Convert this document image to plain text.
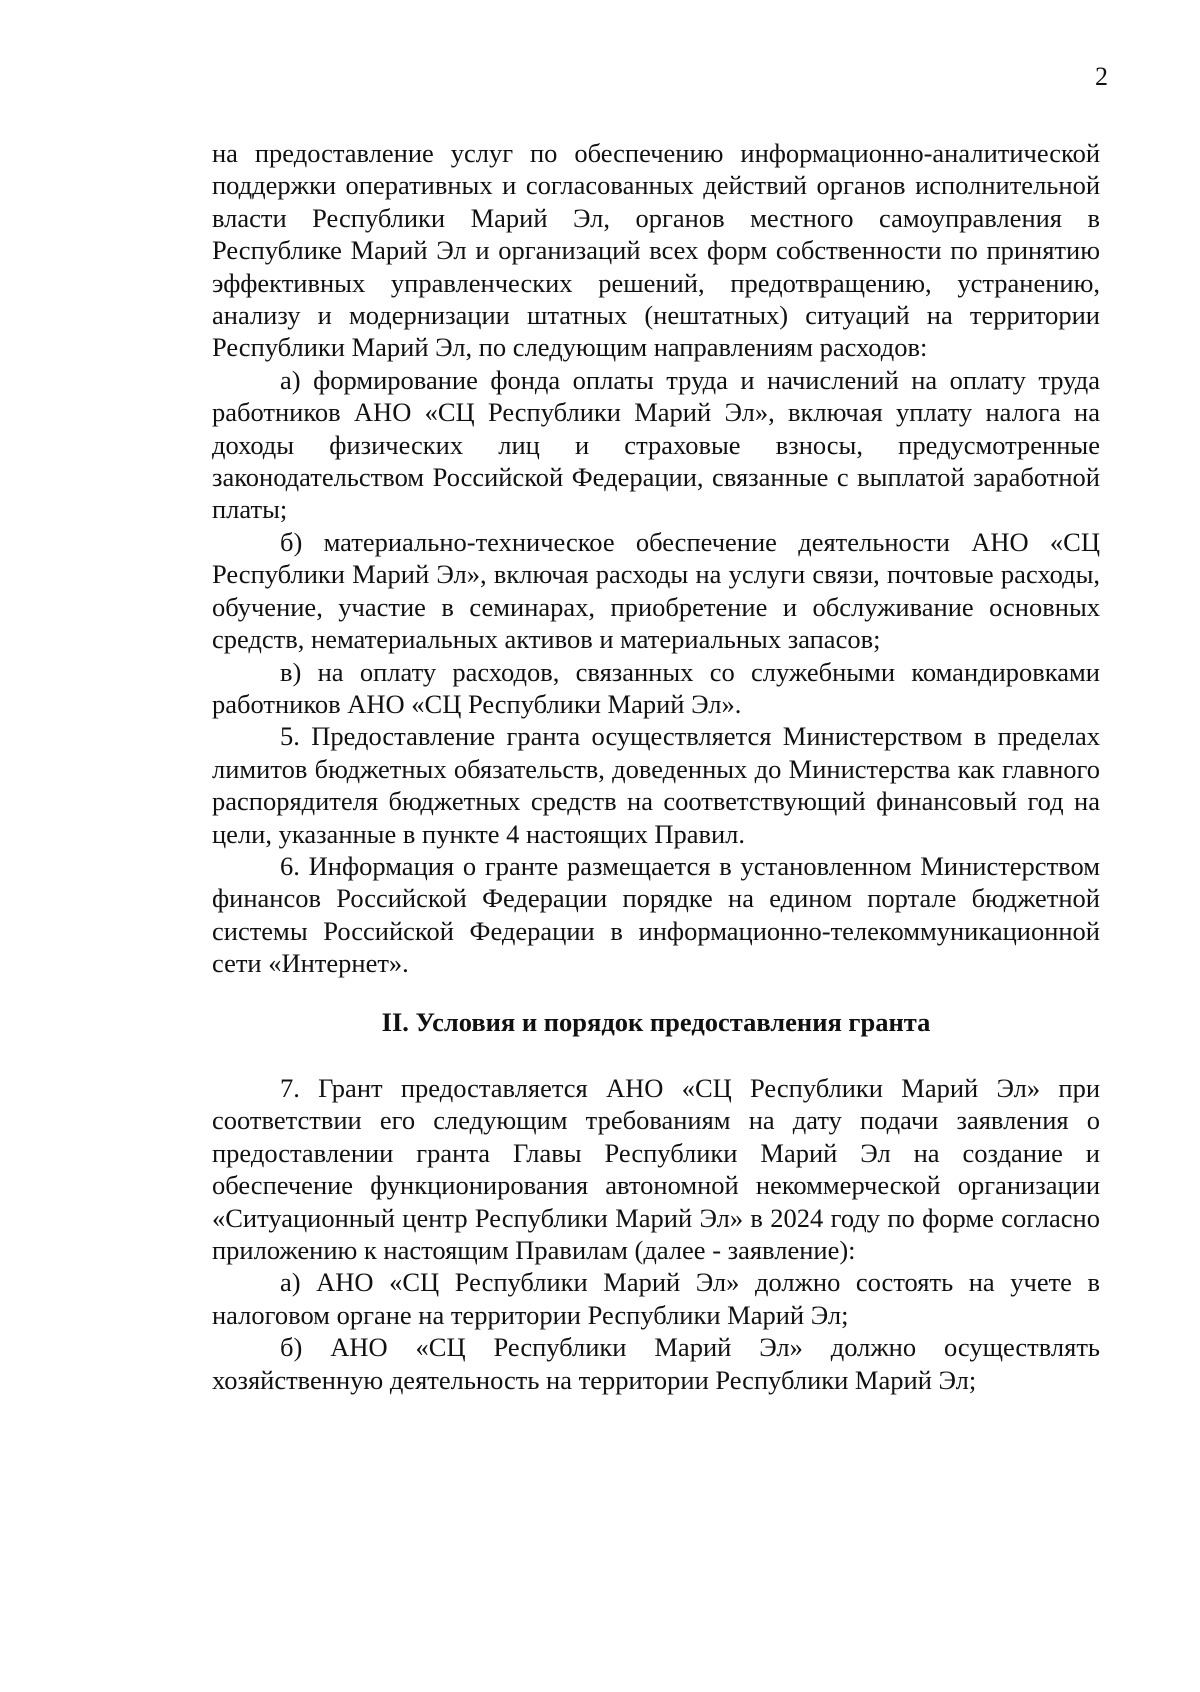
2

на предоставление услуг по обеспечению информационно-аналитической поддержки оперативных и согласованных действий органов исполнительной власти Республики Марий Эл, органов местного самоуправления в Республике Марий Эл и организаций всех форм собственности по принятию эффективных управленческих решений, предотвращению, устранению, анализу и модернизации штатных (нештатных) ситуаций на территории Республики Марий Эл, по следующим направлениям расходов:

а) формирование фонда оплаты труда и начислений на оплату труда работников АНО «СЦ Республики Марий Эл», включая уплату налога на доходы физических лиц и страховые взносы, предусмотренные законодательством Российской Федерации, связанные с выплатой заработной платы;

б) материально-техническое обеспечение деятельности АНО «СЦ Республики Марий Эл», включая расходы на услуги связи, почтовые расходы, обучение, участие в семинарах, приобретение и обслуживание основных средств, нематериальных активов и материальных запасов;

в) на оплату расходов, связанных со служебными командировками работников АНО «СЦ Республики Марий Эл».

5. Предоставление гранта осуществляется Министерством в пределах лимитов бюджетных обязательств, доведенных до Министерства как главного распорядителя бюджетных средств на соответствующий финансовый год на цели, указанные в пункте 4 настоящих Правил.

6. Информация о гранте размещается в установленном Министерством финансов Российской Федерации порядке на едином портале бюджетной системы Российской Федерации в информационно-телекоммуникационной сети «Интернет».

II. Условия и порядок предоставления гранта

7. Грант предоставляется АНО «СЦ Республики Марий Эл» при соответствии его следующим требованиям на дату подачи заявления о предоставлении гранта Главы Республики Марий Эл на создание и обеспечение функционирования автономной некоммерческой организации «Ситуационный центр Республики Марий Эл» в 2024 году по форме согласно приложению к настоящим Правилам (далее - заявление):

а) АНО «СЦ Республики Марий Эл» должно состоять на учете в налоговом органе на территории Республики Марий Эл;

б) АНО «СЦ Республики Марий Эл» должно осуществлять хозяйственную деятельность на территории Республики Марий Эл;
